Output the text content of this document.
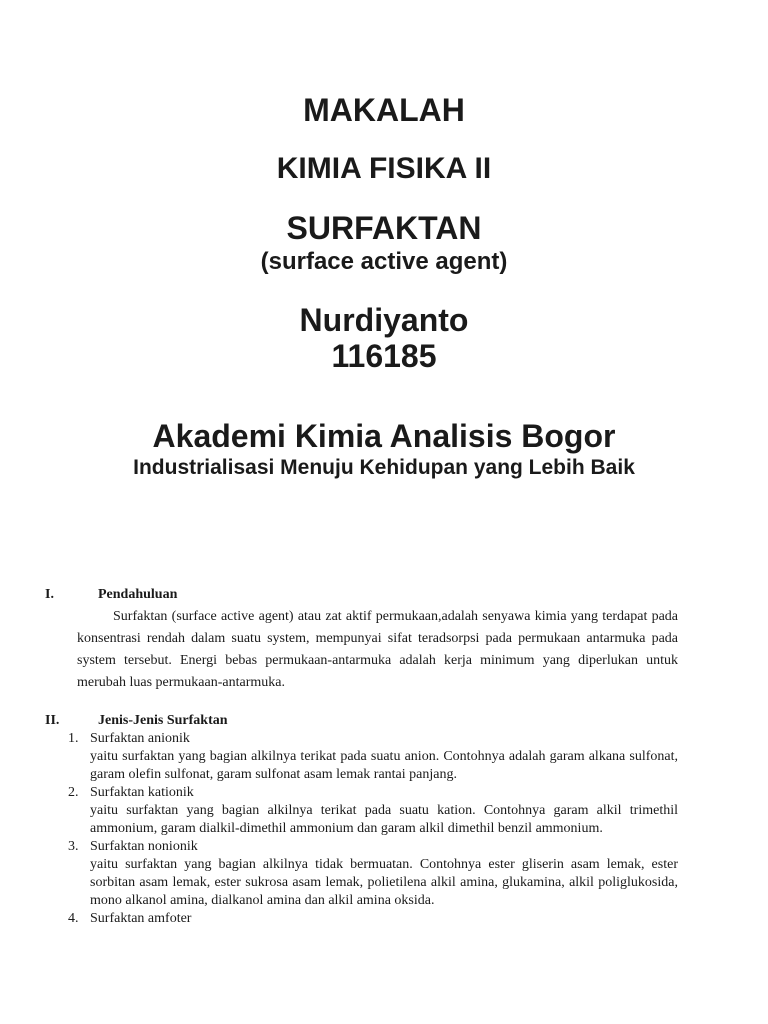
MAKALAH
KIMIA FISIKA II
SURFAKTAN
(surface active agent)
Nurdiyanto
116185
Akademi Kimia Analisis Bogor
Industrialisasi Menuju Kehidupan yang Lebih Baik
I.	Pendahuluan

Surfaktan (surface active agent) atau zat aktif permukaan,adalah senyawa kimia yang terdapat pada konsentrasi rendah dalam suatu system, mempunyai sifat teradsorpsi pada permukaan antarmuka pada system tersebut. Energi bebas permukaan-antarmuka adalah kerja minimum yang diperlukan untuk merubah luas permukaan-antarmuka.

II.	Jenis-Jenis Surfaktan
1. Surfaktan anionik
yaitu surfaktan yang bagian alkilnya terikat pada suatu anion. Contohnya adalah garam alkana sulfonat, garam olefin sulfonat, garam sulfonat asam lemak rantai panjang.
2. Surfaktan kationik
yaitu surfaktan yang bagian alkilnya terikat pada suatu kation. Contohnya garam alkil trimethil ammonium, garam dialkil-dimethil ammonium dan garam alkil dimethil benzil ammonium.
3. Surfaktan nonionik
yaitu surfaktan yang bagian alkilnya tidak bermuatan. Contohnya ester gliserin asam lemak, ester sorbitan asam lemak, ester sukrosa asam lemak, polietilena alkil amina, glukamina, alkil poliglukosida, mono alkanol amina, dialkanol amina dan alkil amina oksida.
4. Surfaktan amfoter
